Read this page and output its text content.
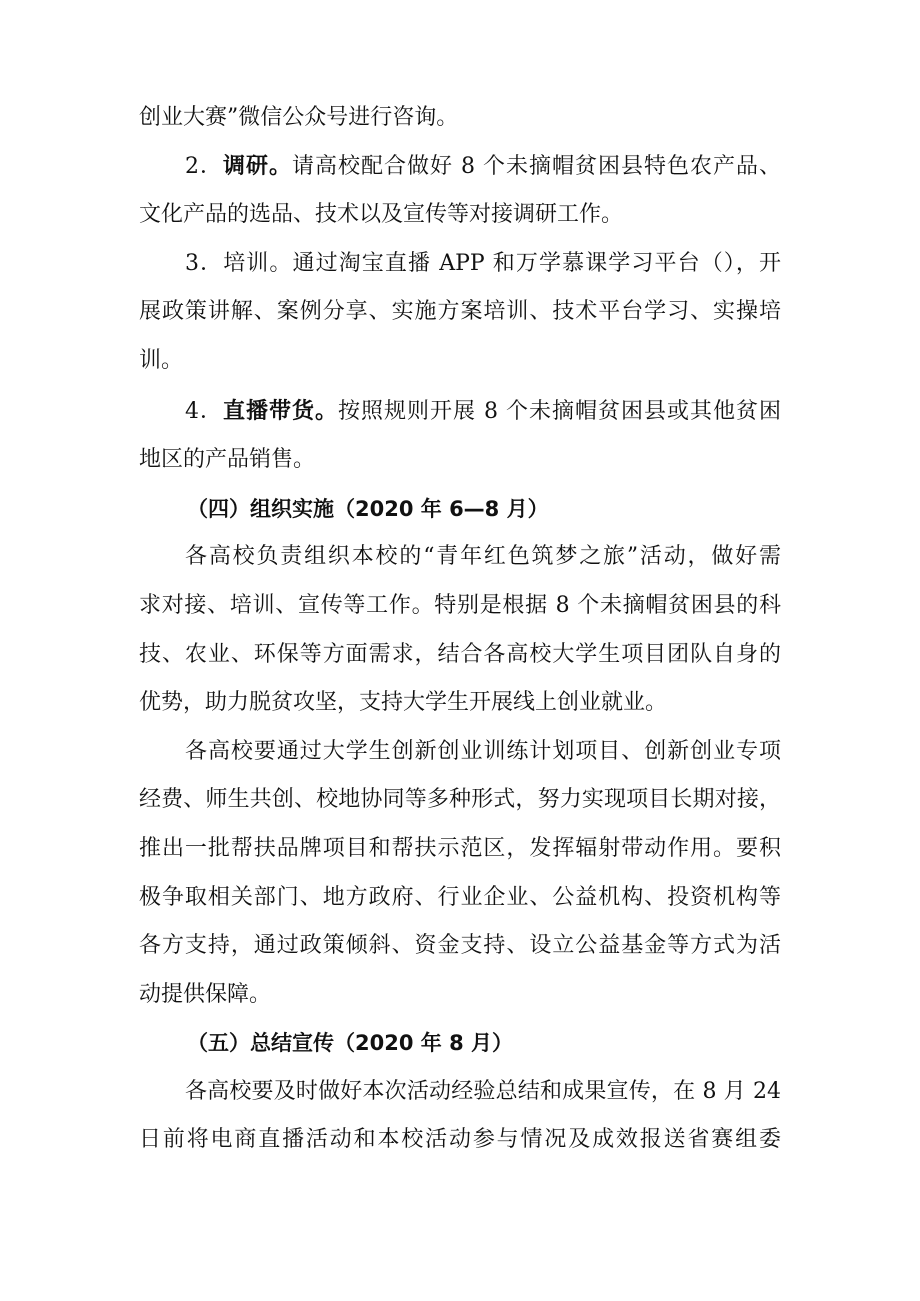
创业大赛”微信公众号进行咨询。
2．调研。请高校配合做好 8 个未摘帽贫困县特色农产品、
文化产品的选品、技术以及宣传等对接调研工作。
3．培训。通过淘宝直播 APP 和万学慕课学习平台（），开
展政策讲解、案例分享、实施方案培训、技术平台学习、实操培
训。
4．直播带货。按照规则开展 8 个未摘帽贫困县或其他贫困
地区的产品销售。
（四）组织实施（2020 年 6—8 月）
各高校负责组织本校的“青年红色筑梦之旅”活动，做好需
求对接、培训、宣传等工作。特别是根据 8 个未摘帽贫困县的科
技、农业、环保等方面需求，结合各高校大学生项目团队自身的
优势，助力脱贫攻坚，支持大学生开展线上创业就业。
各高校要通过大学生创新创业训练计划项目、创新创业专项
经费、师生共创、校地协同等多种形式，努力实现项目长期对接，
推出一批帮扶品牌项目和帮扶示范区，发挥辐射带动作用。要积
极争取相关部门、地方政府、行业企业、公益机构、投资机构等
各方支持，通过政策倾斜、资金支持、设立公益基金等方式为活
动提供保障。
（五）总结宣传（2020 年 8 月）
各高校要及时做好本次活动经验总结和成果宣传，在 8 月 24
日前将电商直播活动和本校活动参与情况及成效报送省赛组委
